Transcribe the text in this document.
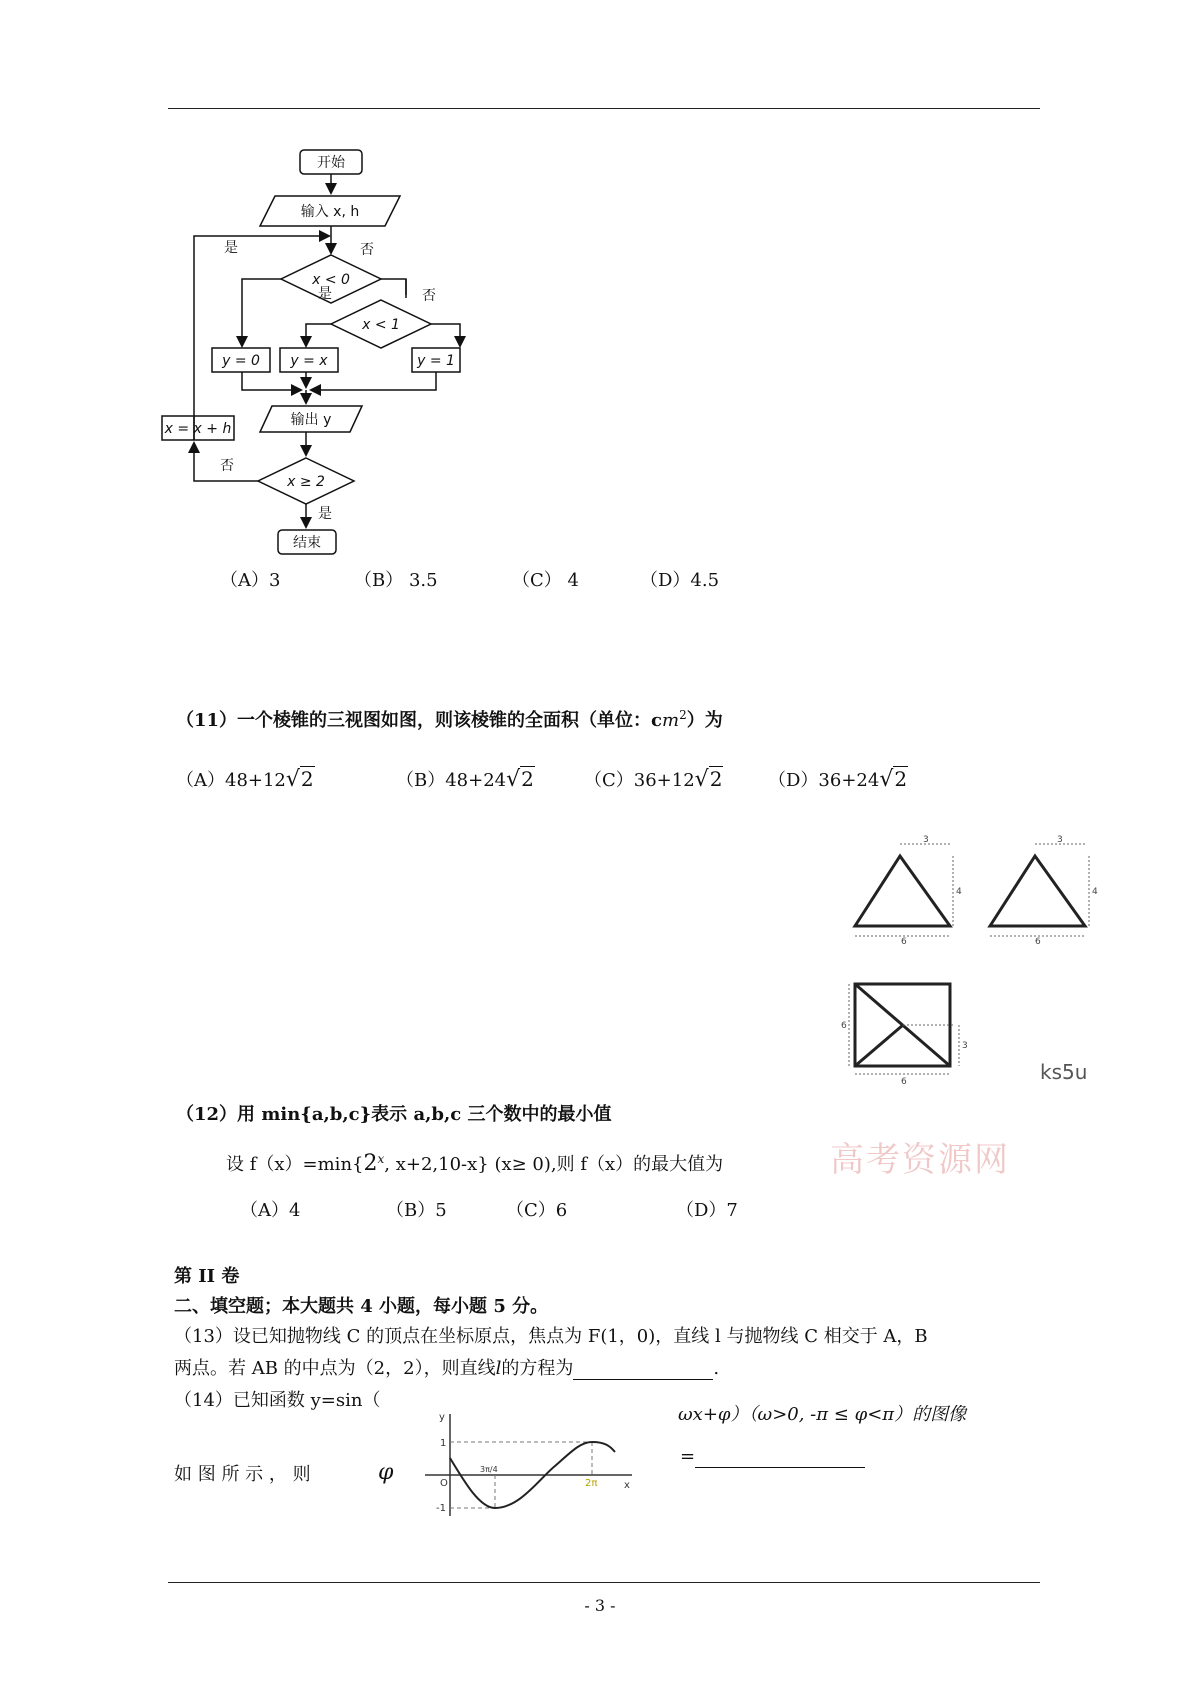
开始
输入 x, h
是	否
x < 0
是	否
x < 1
y = 0 y = x	y = 1
输出 y
x = x + h
否
x ≥ 2
是
结束
（A）3	（B） 3.5	（C） 4	（D）4.5
（11）一个棱锥的三视图如图，则该棱锥的全面积（单位：$cm^2$）为
（A）48+12√2	（B）48+24√2	（C）36+12√2	（D）36+24√2
3
4
6
3
4
6
6
3
6	ks5u
高考资源网
（12）用 min{a,b,c}表示 a,b,c 三个数中的最小值
设 $f(x)=\min\{2^x$, x+2,10-x} (x≥ 0),则 f（x）的最大值为
（A）4	（B）5	（C）6	（D）7
第 II 卷
二、填空题；本大题共 4 小题，每小题 5 分。
（13）设已知抛物线 C 的顶点在坐标原点，焦点为 F(1，0)，直线 l 与抛物线 C 相交于 A，B
两点。若 AB 的中点为（2，2），则直线l的方程为	.
（14）已知函数 y=sin（
ωx+φ）（ω>0, -π ≤ φ<π）的图像
如 图 所 示 ， 则	φ
=
y
x
1
-1
O
3π/4
2π
- 3 -
